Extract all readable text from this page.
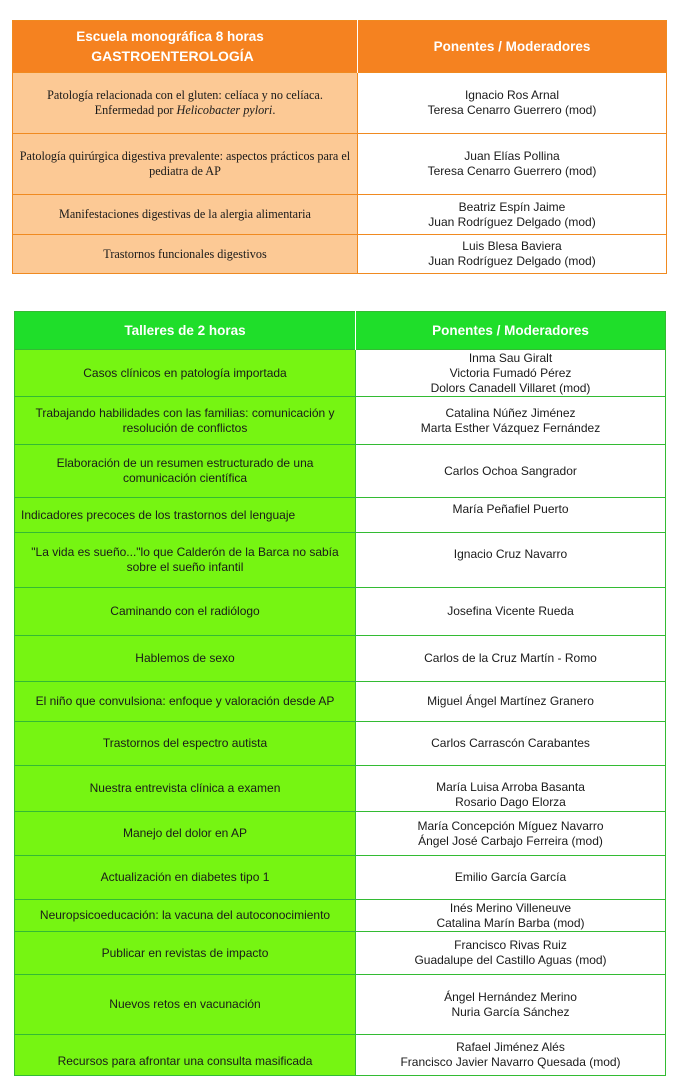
Escuela monográfica 8 horas
GASTROENTEROLOGÍA	Ponentes / Moderadores

Patología relacionada con el gluten: celíaca y no celíaca.
Enfermedad por Helicobacter pylori.	Ignacio Ros Arnal
Teresa Cenarro Guerrero (mod)

Patología quirúrgica digestiva prevalente: aspectos prácticos para el pediatra de AP	Juan Elías Pollina
Teresa Cenarro Guerrero (mod)

Manifestaciones digestivas de la alergia alimentaria	Beatriz Espín Jaime
Juan Rodríguez Delgado (mod)

Trastornos funcionales digestivos	Luis Blesa Baviera
Juan Rodríguez Delgado (mod)
Talleres de 2 horas	Ponentes / Moderadores
Casos clínicos en patología importada	Inma Sau Giralt
Victoria Fumadó Pérez
Dolors Canadell Villaret (mod)

Trabajando habilidades con las familias: comunicación y resolución de conflictos	Catalina Núñez Jiménez
Marta Esther Vázquez Fernández

Elaboración de un resumen estructurado de una comunicación científica	Carlos Ochoa Sangrador

Indicadores precoces de los trastornos del lenguaje	María Peñafiel Puerto

"La vida es sueño..."lo que Calderón de la Barca no sabía sobre el sueño infantil	Ignacio Cruz Navarro

Caminando con el radiólogo	Josefina Vicente Rueda

Hablemos de sexo	Carlos de la Cruz Martín - Romo

El niño que convulsiona: enfoque y valoración desde AP	Miguel Ángel Martínez Granero

Trastornos del espectro autista	Carlos Carrascón Carabantes

Nuestra entrevista clínica a examen	María Luisa Arroba Basanta
Rosario Dago Elorza

Manejo del dolor en AP	María Concepción Míguez Navarro
Ángel José Carbajo Ferreira (mod)

Actualización en diabetes tipo 1	Emilio García García

Neuropsicoeducación: la vacuna del autoconocimiento	Inés Merino Villeneuve
Catalina Marín Barba (mod)

Publicar en revistas de impacto	Francisco Rivas Ruiz
Guadalupe del Castillo Aguas (mod)

Nuevos retos en vacunación	Ángel Hernández Merino
Nuria García Sánchez

Recursos para afrontar una consulta masificada	Rafael Jiménez Alés
Francisco Javier Navarro Quesada (mod)
